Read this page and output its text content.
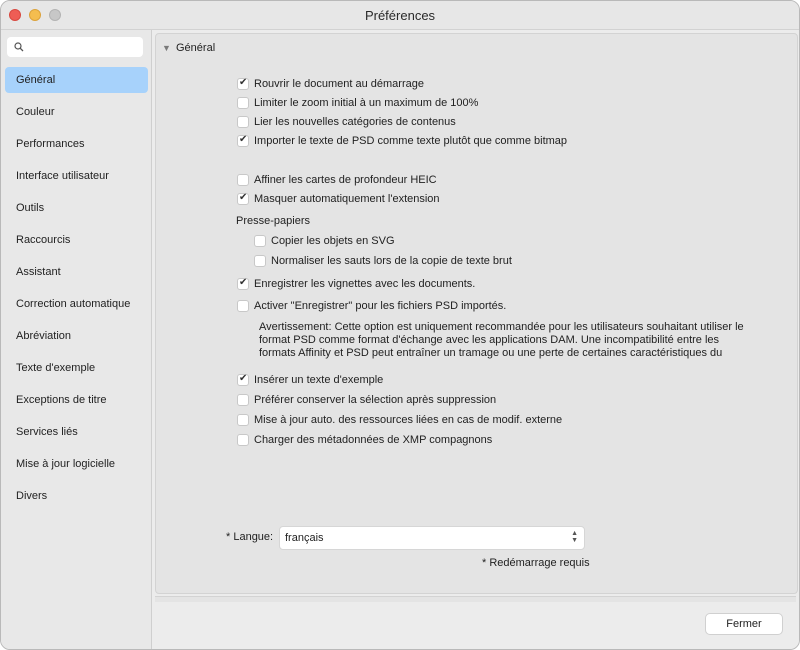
Préférences
Général
Couleur
Performances
Interface utilisateur
Outils
Raccourcis
Assistant
Correction automatique
Abréviation
Texte d'exemple
Exceptions de titre
Services liés
Mise à jour logicielle
Divers
▼ Général
✔ Rouvrir le document au démarrage
Limiter le zoom initial à un maximum de 100%
Lier les nouvelles catégories de contenus
✔ Importer le texte de PSD comme texte plutôt que comme bitmap
Affiner les cartes de profondeur HEIC
✔ Masquer automatiquement l'extension
Presse-papiers
Copier les objets en SVG
Normaliser les sauts lors de la copie de texte brut
✔ Enregistrer les vignettes avec les documents.
Activer "Enregistrer" pour les fichiers PSD importés.
Avertissement: Cette option est uniquement recommandée pour les utilisateurs souhaitant utiliser le
format PSD comme format d'échange avec les applications DAM. Une incompatibilité entre les
formats Affinity et PSD peut entraîner un tramage ou une perte de certaines caractéristiques du
✔ Insérer un texte d'exemple
Préférer conserver la sélection après suppression
Mise à jour auto. des ressources liées en cas de modif. externe
Charger des métadonnées de XMP compagnons
* Langue: français	▲
▼
* Redémarrage requis
Fermer
